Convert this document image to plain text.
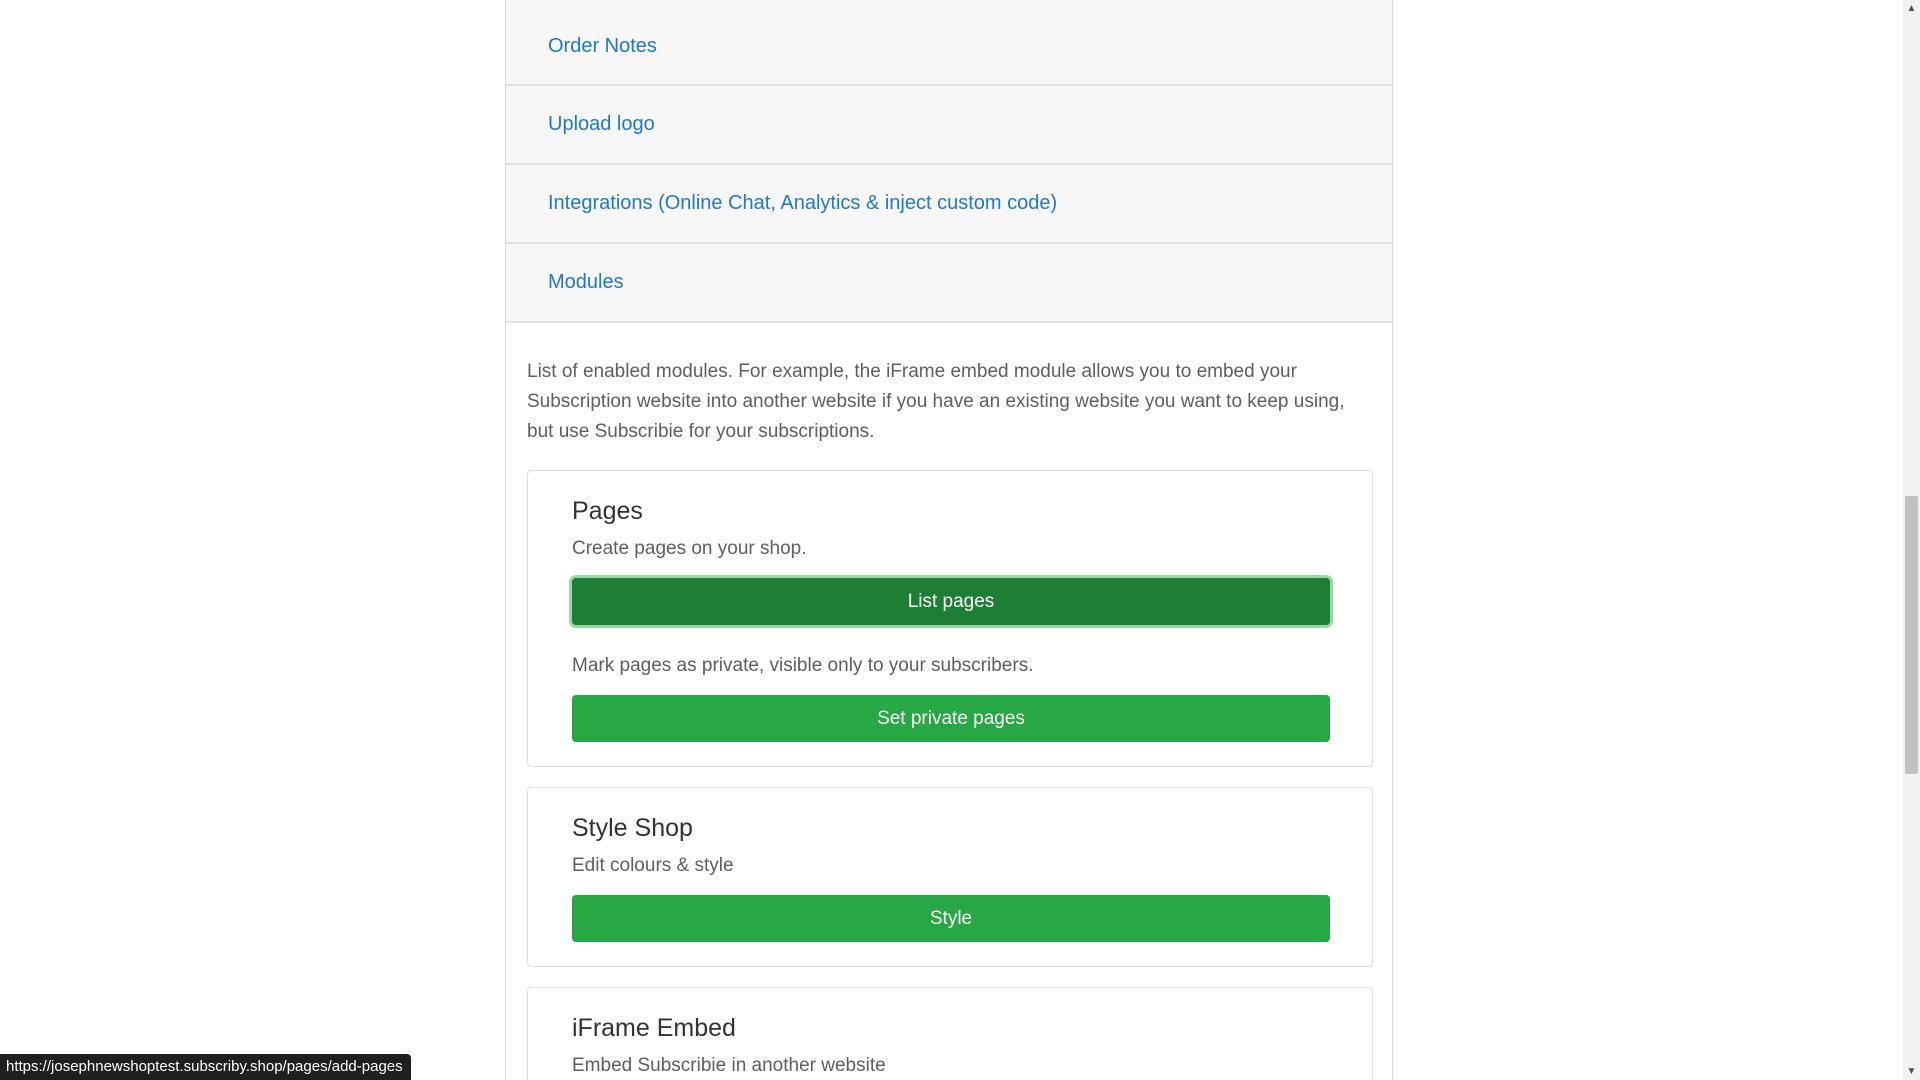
Order Notes
Upload logo
Integrations (Online Chat, Analytics & inject custom code)
Modules

List of enabled modules. For example, the iFrame embed module allows you to embed your Subscription website into another website if you have an existing website you want to keep using, but use Subscribie for your subscriptions.

Pages
Create pages on your shop.
List pages
Mark pages as private, visible only to your subscribers.
Set private pages
Style Shop
Edit colours & style
Style
iFrame Embed
Embed Subscribie in another website
https://josephnewshoptest.subscriby.shop/pages/add-pages
▲
▼
